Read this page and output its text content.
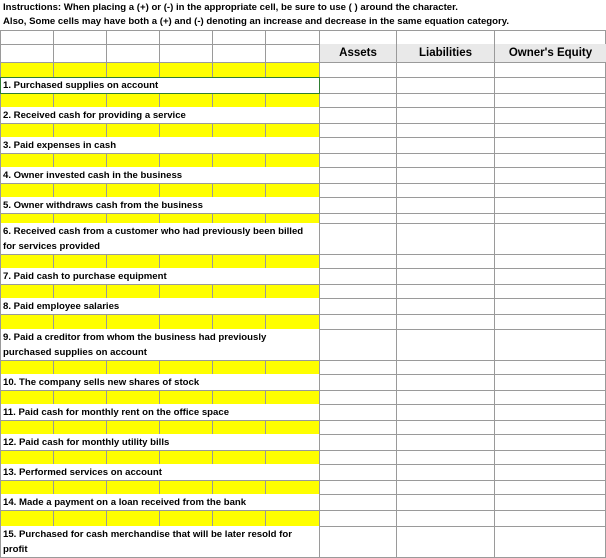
Instructions: When placing a (+) or (-) in the appropriate cell, be sure to use ( ) around the character.
Also, Some cells may have both a (+) and (-) denoting an increase and decrease in the same equation category.
1. Purchased supplies on account
2. Received cash for providing a service
3. Paid expenses in cash
4. Owner invested cash in the business
5. Owner withdraws cash from the business
6. Received cash from a customer who had previously been billed for services provided
7. Paid cash to purchase equipment
8. Paid employee salaries
9. Paid a creditor from whom the business had previously purchased supplies on account
10. The company sells new shares of stock
11. Paid cash for monthly rent on the office space
12. Paid cash for monthly utility bills
13. Performed services on account
14. Made a payment on a loan received from the bank
15. Purchased for cash merchandise that will be later resold for profit
Assets	Liabilities	Owner's Equity
